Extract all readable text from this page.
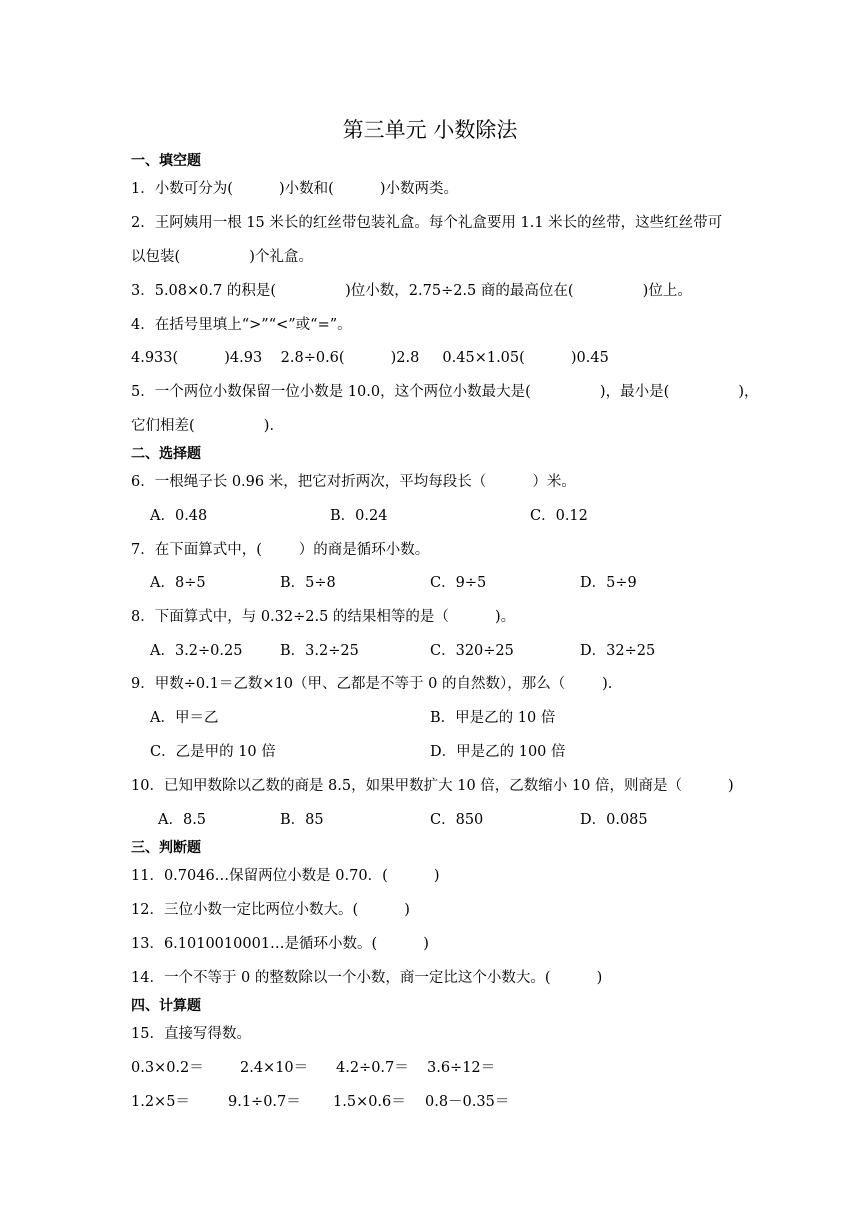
第三单元 小数除法
一、填空题
1．小数可分为(          )小数和(          )小数两类。
2．王阿姨用一根 15 米长的红丝带包装礼盒。每个礼盒要用 1.1 米长的丝带，这些红丝带可
以包装(               )个礼盒。
3．5.08×0.7 的积是(               )位小数，2.75÷2.5 商的最高位在(               )位上。
4．在括号里填上“>”“<”或“=”。
4.933(          )4.93    2.8÷0.6(          )2.8     0.45×1.05(          )0.45
5．一个两位小数保留一位小数是 10.0，这个两位小数最大是(               )，最小是(               )，
它们相差(               )．
二、选择题
6．一根绳子长 0.96 米，把它对折两次，平均每段长（          ）米。
A．0.48	B．0.24	C．0.12
7．在下面算式中，(        ）的商是循环小数。
A．8÷5	B．5÷8	C．9÷5	D．5÷9
8．下面算式中，与 0.32÷2.5 的结果相等的是（          )。
A．3.2÷0.25	B．3.2÷25	C．320÷25	D．32÷25
9．甲数÷0.1＝乙数×10（甲、乙都是不等于 0 的自然数），那么（        ).
A．甲＝乙	B．甲是乙的 10 倍
C．乙是甲的 10 倍	D．甲是乙的 100 倍
10．已知甲数除以乙数的商是 8.5，如果甲数扩大 10 倍，乙数缩小 10 倍，则商是（          )
A．8.5	B．85	C．850	D．0.085
三、判断题
11．0.7046…保留两位小数是 0.70．(          )
12．三位小数一定比两位小数大。(          )
13．6.1010010001…是循环小数。(          )
14．一个不等于 0 的整数除以一个小数，商一定比这个小数大。(          )
四、计算题
15．直接写得数。
0.3×0.2＝ 2.4×10＝ 4.2÷0.7＝ 3.6÷12＝
1.2×5＝	9.1÷0.7＝ 1.5×0.6＝ 0.8－0.35＝
